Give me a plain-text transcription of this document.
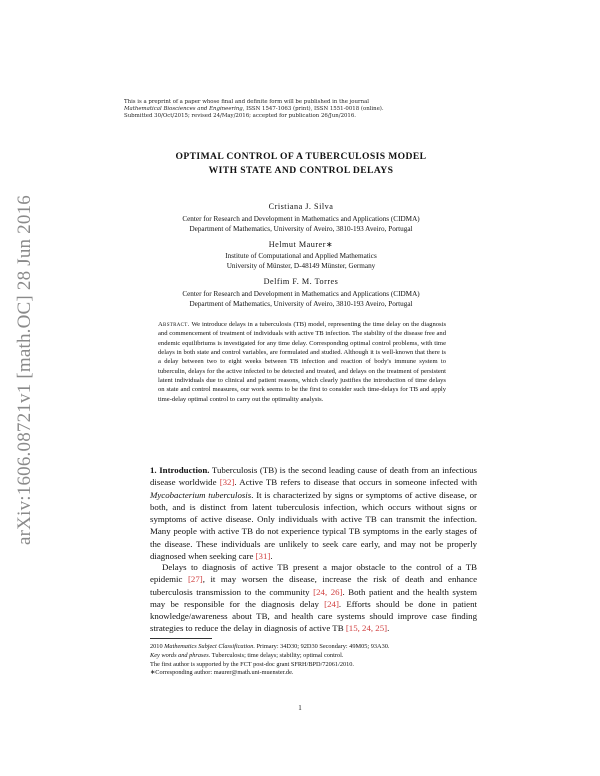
arXiv:1606.08721v1 [math.OC] 28 Jun 2016
This is a preprint of a paper whose final and definite form will be published in the journal
Mathematical Biosciences and Engineering, ISSN 1547-1063 (print), ISSN 1551-0018 (online).
Submitted 30/Oct/2015; revised 24/May/2016; accepted for publication 26/Jun/2016.
OPTIMAL CONTROL OF A TUBERCULOSIS MODEL
WITH STATE AND CONTROL DELAYS
Cristiana J. Silva
Center for Research and Development in Mathematics and Applications (CIDMA)
Department of Mathematics, University of Aveiro, 3810-193 Aveiro, Portugal
Helmut Maurer∗
Institute of Computational and Applied Mathematics
University of Münster, D-48149 Münster, Germany
Delfim F. M. Torres
Center for Research and Development in Mathematics and Applications (CIDMA)
Department of Mathematics, University of Aveiro, 3810-193 Aveiro, Portugal
Abstract. We introduce delays in a tuberculosis (TB) model, representing the time delay on the diagnosis and commencement of treatment of individuals with active TB infection. The stability of the disease free and endemic equilibriums is investigated for any time delay. Corresponding optimal control problems, with time delays in both state and control variables, are formulated and studied. Although it is well-known that there is a delay between two to eight weeks between TB infection and reaction of body's immune system to tuberculin, delays for the active infected to be detected and treated, and delays on the treatment of persistent latent individuals due to clinical and patient reasons, which clearly justifies the introduction of time delays on state and control measures, our work seems to be the first to consider such time-delays for TB and apply time-delay optimal control to carry out the optimality analysis.
1. Introduction. Tuberculosis (TB) is the second leading cause of death from an infectious disease worldwide [32]. Active TB refers to disease that occurs in someone infected with Mycobacterium tuberculosis. It is characterized by signs or symptoms of active disease, or both, and is distinct from latent tuberculosis infection, which occurs without signs or symptoms of active disease. Only individuals with active TB can transmit the infection. Many people with active TB do not experience typical TB symptoms in the early stages of the disease. These individuals are unlikely to seek care early, and may not be properly diagnosed when seeking care [31].
Delays to diagnosis of active TB present a major obstacle to the control of a TB epidemic [27], it may worsen the disease, increase the risk of death and enhance tuberculosis transmission to the community [24, 26]. Both patient and the health system may be responsible for the diagnosis delay [24]. Efforts should be done in patient knowledge/awareness about TB, and health care systems should improve case finding strategies to reduce the delay in diagnosis of active TB [15, 24, 25].
2010 Mathematics Subject Classification. Primary: 34D30; 92D30 Secondary: 49M05; 93A30.
Key words and phrases. Tuberculosis; time delays; stability; optimal control.
The first author is supported by the FCT post-doc grant SFRH/BPD/72061/2010.
∗Corresponding author: maurer@math.uni-muenster.de.
1
